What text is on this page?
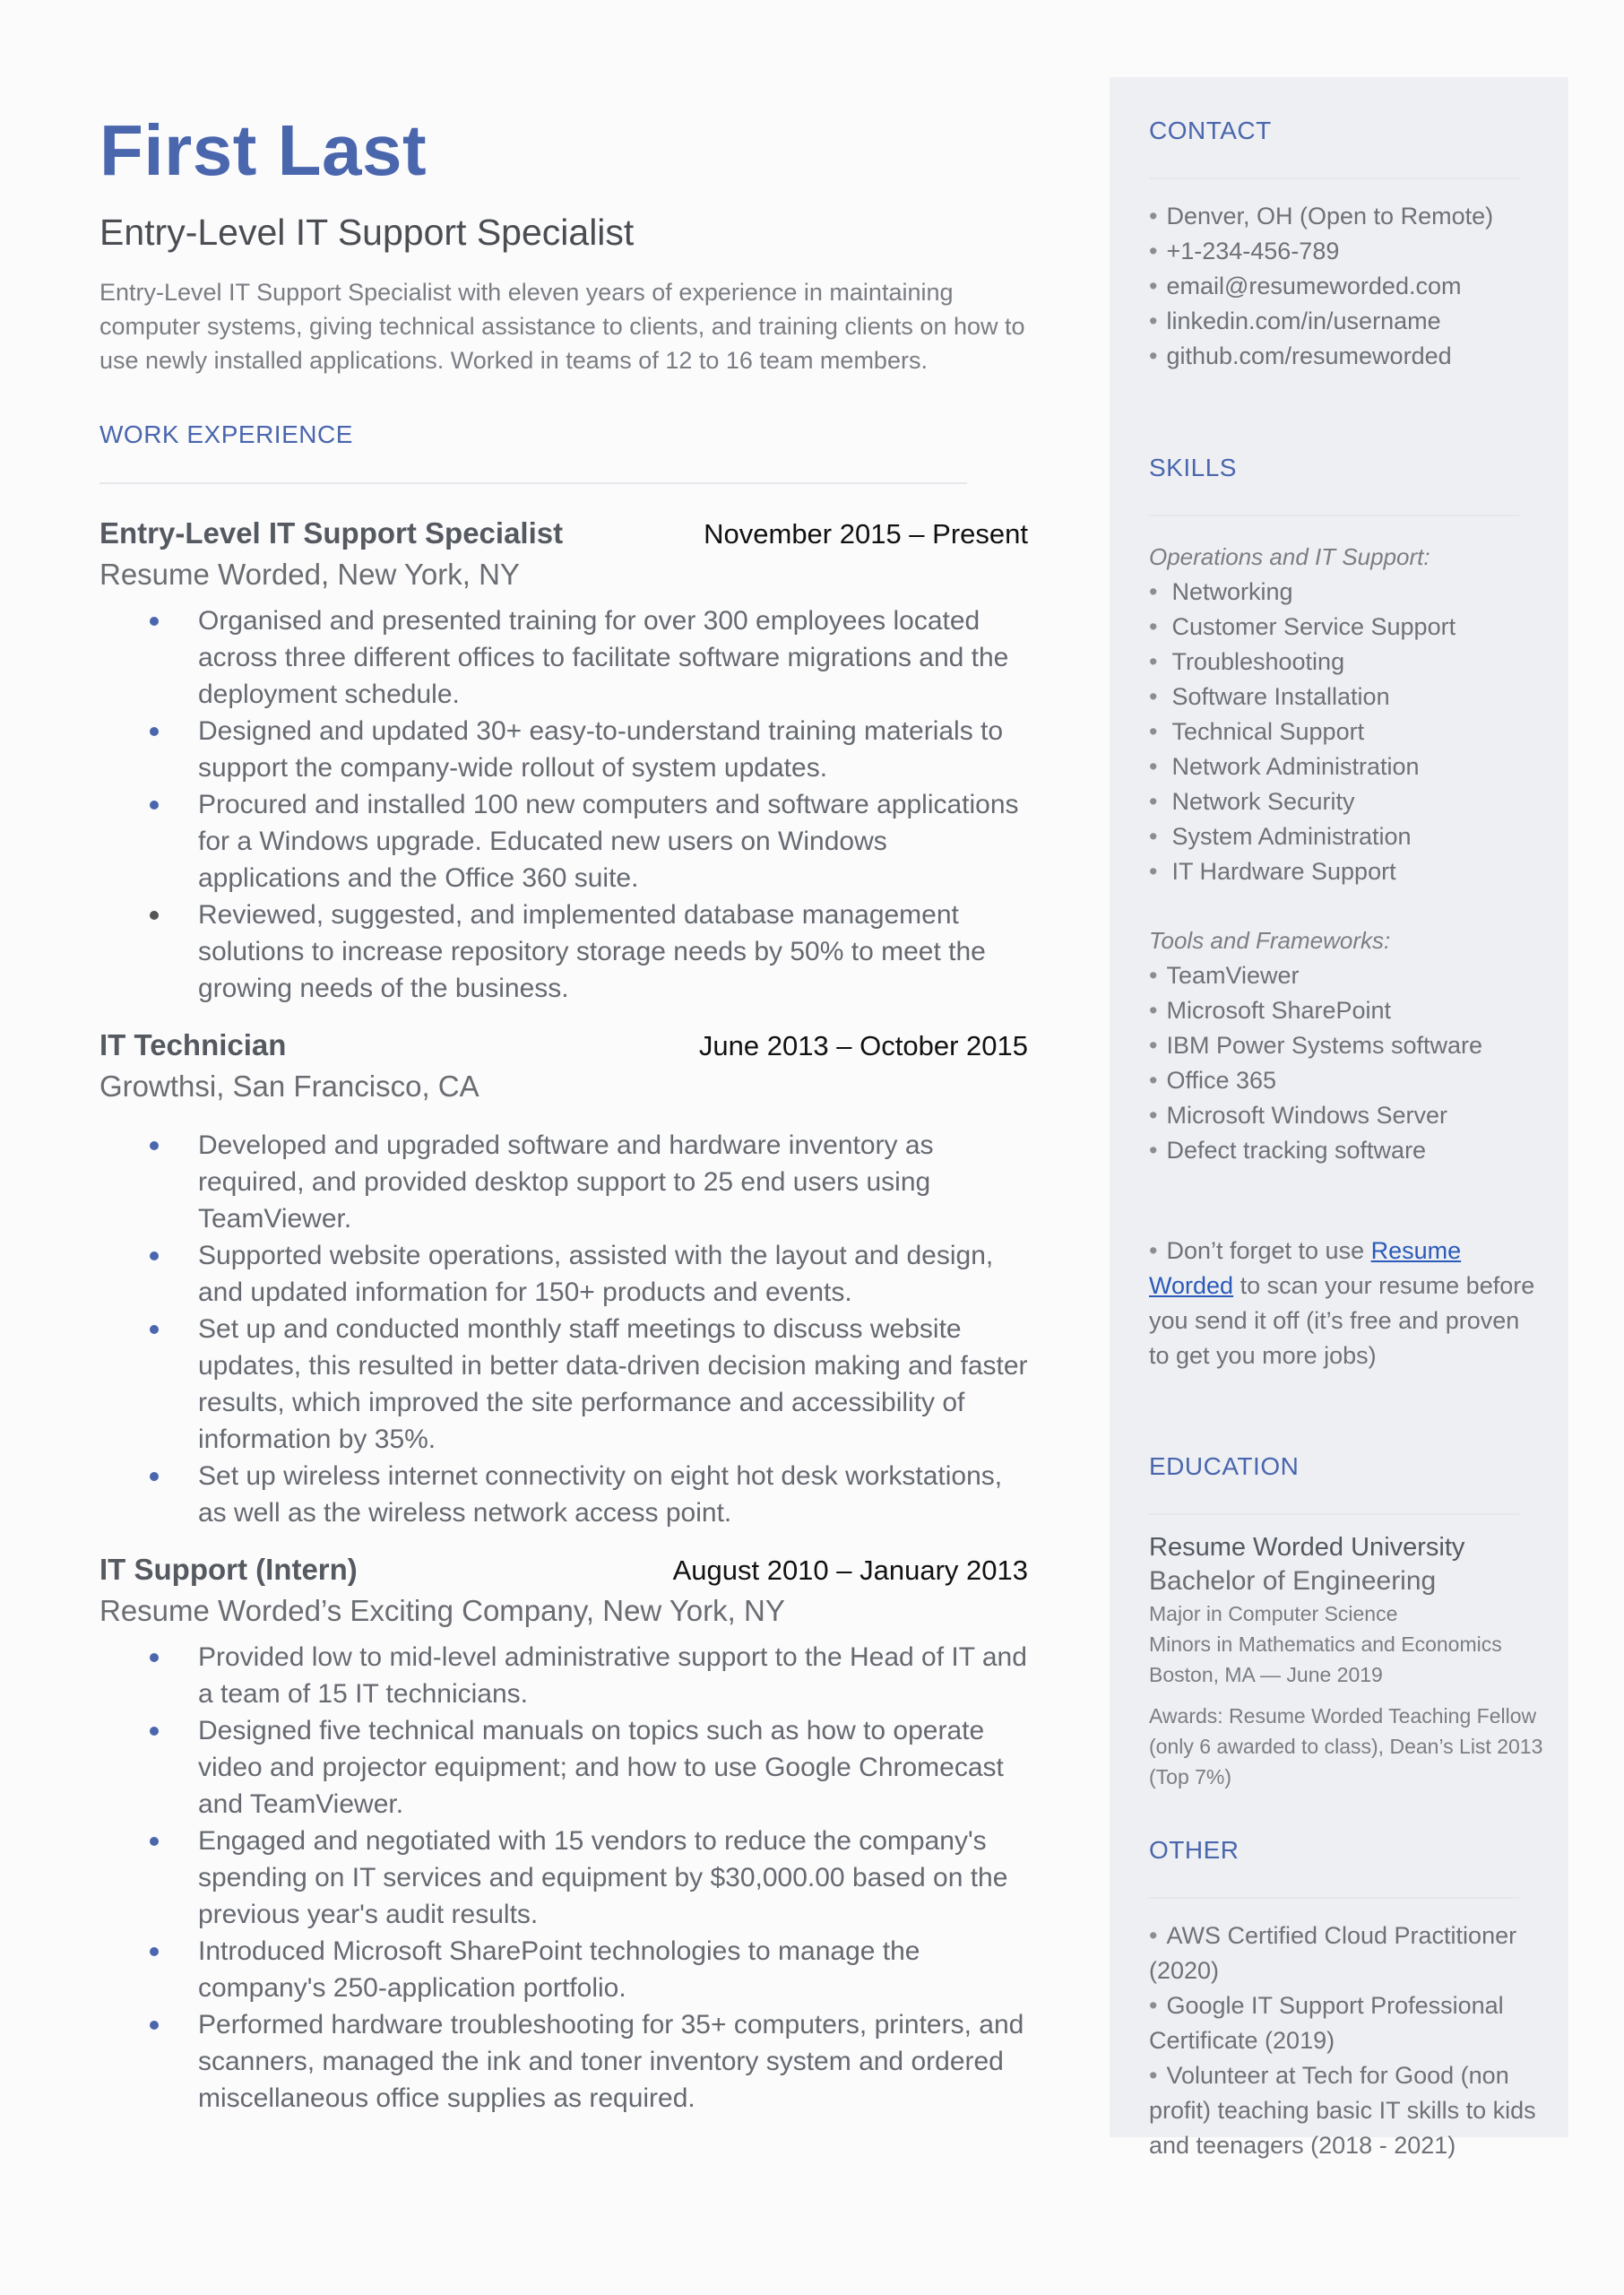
First Last
Entry-Level IT Support Specialist
Entry-Level IT Support Specialist with eleven years of experience in maintaining computer systems, giving technical assistance to clients, and training clients on how to use newly installed applications. Worked in teams of 12 to 16 team members.
WORK EXPERIENCE
Entry-Level IT Support Specialist	November 2015 – Present
Resume Worded, New York, NY
Organised and presented training for over 300 employees located across three different offices to facilitate software migrations and the deployment schedule.
Designed and updated 30+ easy-to-understand training materials to support the company-wide rollout of system updates.
Procured and installed 100 new computers and software applications for a Windows upgrade. Educated new users on Windows applications and the Office 360 suite.
Reviewed, suggested, and implemented database management solutions to increase repository storage needs by 50% to meet the growing needs of the business.
IT Technician	June 2013 – October 2015
Growthsi, San Francisco, CA
Developed and upgraded software and hardware inventory as required, and provided desktop support to 25 end users using TeamViewer.
Supported website operations, assisted with the layout and design, and updated information for 150+ products and events.
Set up and conducted monthly staff meetings to discuss website updates, this resulted in better data-driven decision making and faster results, which improved the site performance and accessibility of information by 35%.
Set up wireless internet connectivity on eight hot desk workstations, as well as the wireless network access point.
IT Support (Intern)	August 2010 – January 2013
Resume Worded’s Exciting Company, New York, NY
Provided low to mid-level administrative support to the Head of IT and a team of 15 IT technicians.
Designed five technical manuals on topics such as how to operate video and projector equipment; and how to use Google Chromecast and TeamViewer.
Engaged and negotiated with 15 vendors to reduce the company's spending on IT services and equipment by $30,000.00 based on the previous year's audit results.
Introduced Microsoft SharePoint technologies to manage the company's 250-application portfolio.
Performed hardware troubleshooting for 35+ computers, printers, and scanners, managed the ink and toner inventory system and ordered miscellaneous office supplies as required.
CONTACT
• Denver, OH (Open to Remote)
• +1-234-456-789
• email@resumeworded.com
• linkedin.com/in/username
• github.com/resumeworded
SKILLS
Operations and IT Support:
• Networking
• Customer Service Support
• Troubleshooting
• Software Installation
• Technical Support
• Network Administration
• Network Security
• System Administration
• IT Hardware Support
Tools and Frameworks:
• TeamViewer
• Microsoft SharePoint
• IBM Power Systems software
• Office 365
• Microsoft Windows Server
• Defect tracking software
• Don’t forget to use Resume Worded to scan your resume before you send it off (it’s free and proven to get you more jobs)
EDUCATION
Resume Worded University
Bachelor of Engineering
Major in Computer Science
Minors in Mathematics and Economics
Boston, MA — June 2019
Awards: Resume Worded Teaching Fellow (only 6 awarded to class), Dean’s List 2013 (Top 7%)
OTHER
• AWS Certified Cloud Practitioner (2020)
• Google IT Support Professional Certificate (2019)
• Volunteer at Tech for Good (non profit) teaching basic IT skills to kids and teenagers (2018 - 2021)
